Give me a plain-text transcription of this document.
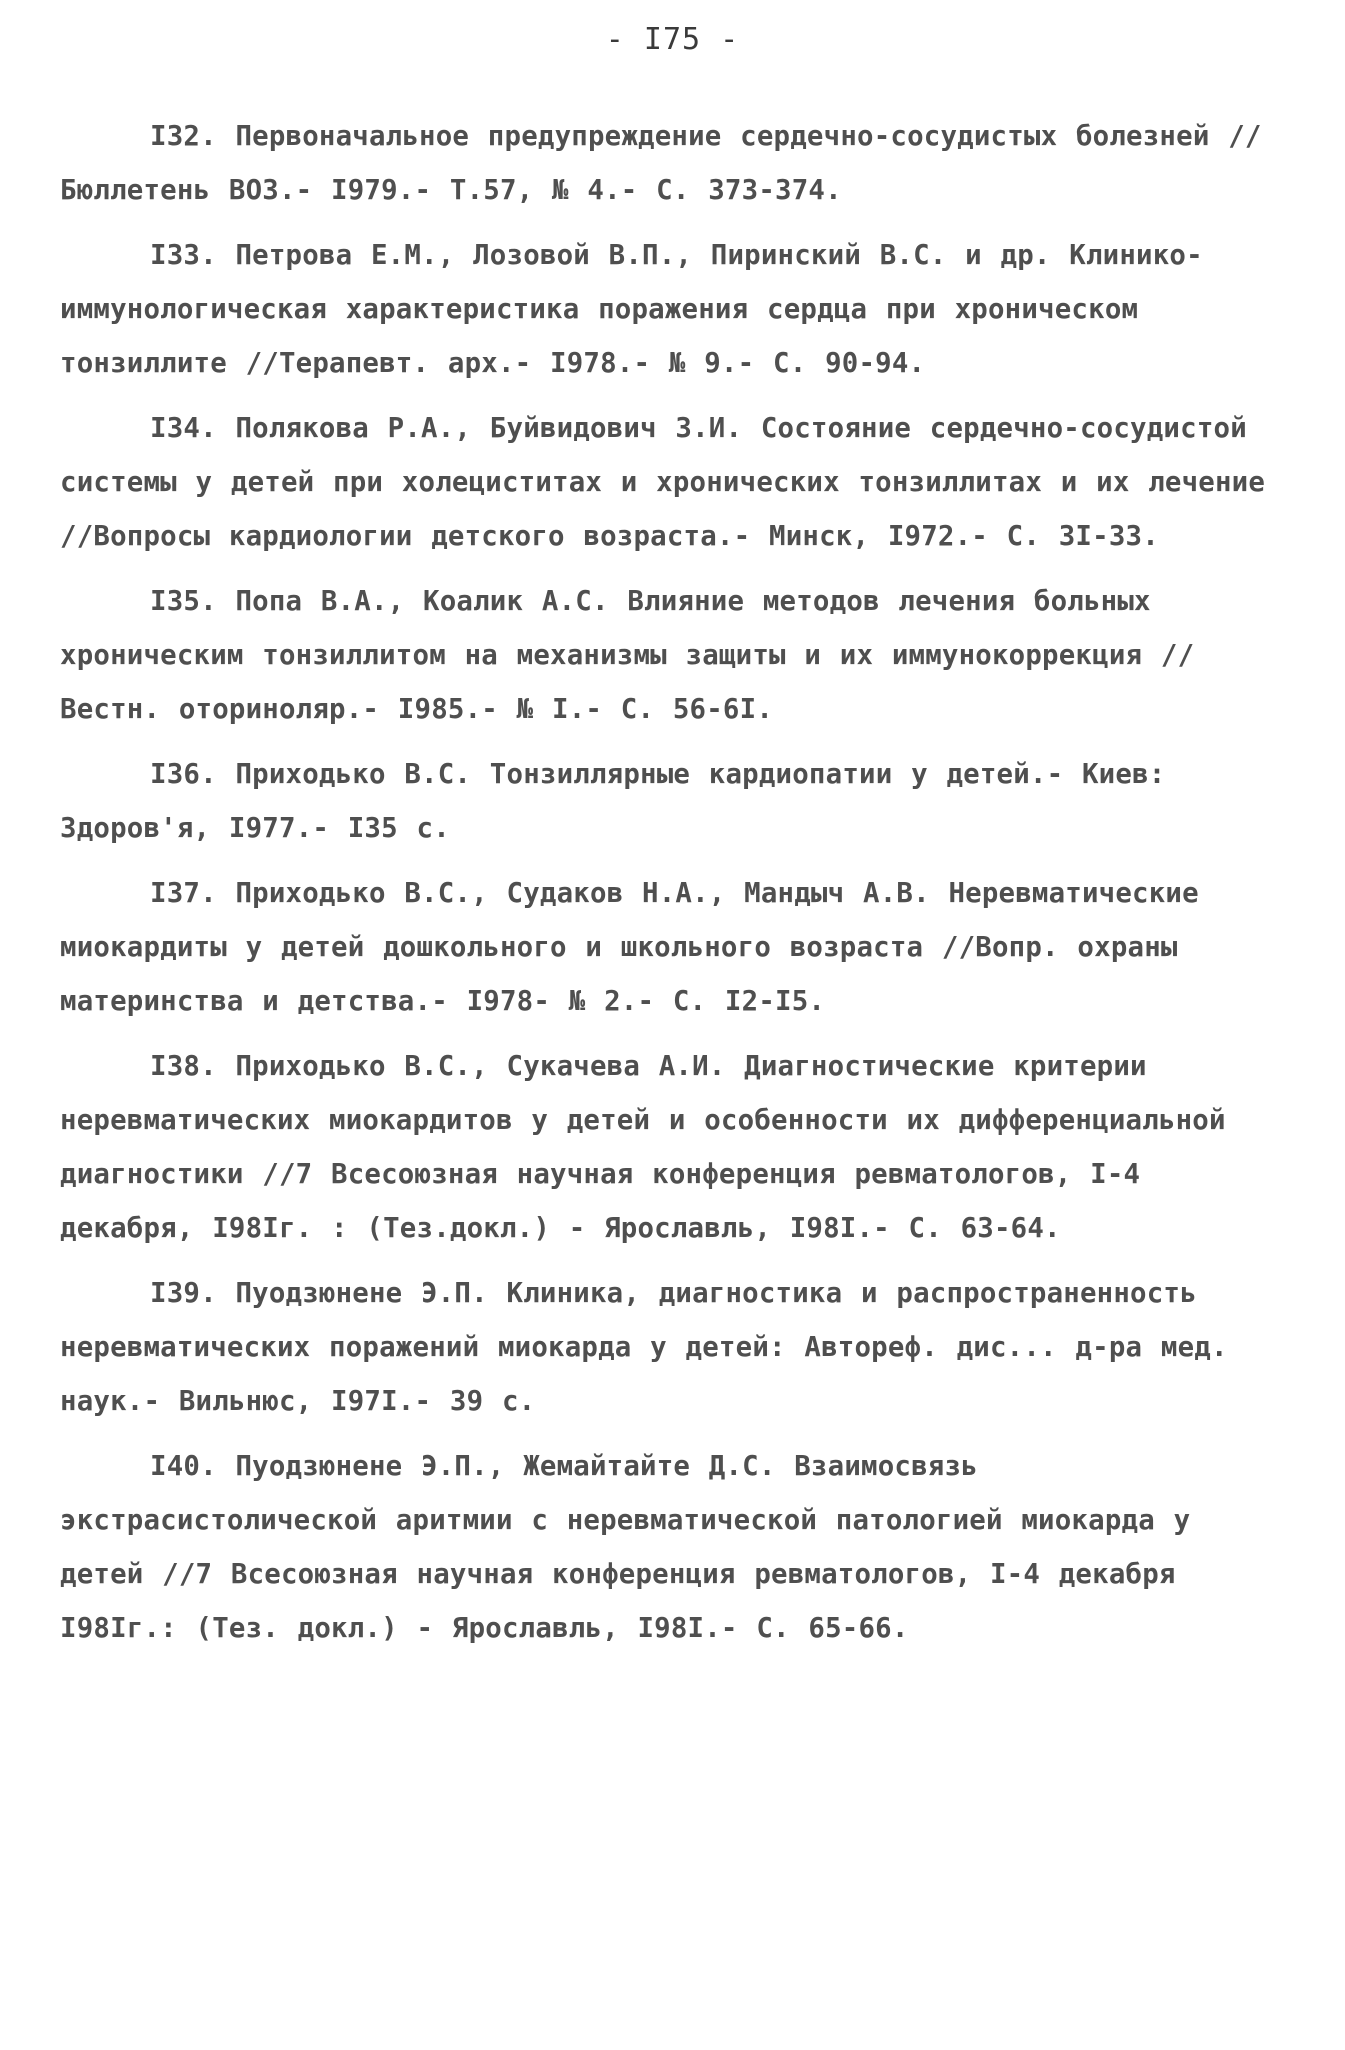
- I75 -

I32. Первоначальное предупреждение сердечно-сосудистых болезней //Бюллетень ВОЗ.- I979.- Т.57, № 4.- С. 373-374.

I33. Петрова Е.М., Лозовой В.П., Пиринский В.С. и др. Клинико-иммунологическая характеристика поражения сердца при хроническом тонзиллите //Терапевт. арх.- I978.- № 9.- С. 90-94.

I34. Полякова Р.А., Буйвидович З.И. Состояние сердечно-сосудистой системы у детей при холециститах и хронических тонзиллитах и их лечение //Вопросы кардиологии детского возраста.- Минск, I972.- С. 3I-33.

I35. Попа В.А., Коалик А.С. Влияние методов лечения больных хроническим тонзиллитом на механизмы защиты и их иммунокоррекция //Вестн. оториноляр.- I985.- № I.- С. 56-6I.

I36. Приходько В.С. Тонзиллярные кардиопатии у детей.- Киев: Здоров'я, I977.- I35 с.

I37. Приходько В.С., Судаков Н.А., Мандыч А.В. Неревматические миокардиты у детей дошкольного и школьного возраста //Вопр. охраны материнства и детства.- I978- № 2.- С. I2-I5.

I38. Приходько В.С., Сукачева А.И. Диагностические критерии неревматических миокардитов у детей и особенности их дифференциальной диагностики //7 Всесоюзная научная конференция ревматологов, I-4 декабря, I98Iг. : (Тез.докл.) - Ярославль, I98I.- С. 63-64.

I39. Пуодзюнене Э.П. Клиника, диагностика и распространенность неревматических поражений миокарда у детей: Автореф. дис... д-ра мед. наук.- Вильнюс, I97I.- 39 с.

I40. Пуодзюнене Э.П., Жемайтайте Д.С. Взаимосвязь экстрасистолической аритмии с неревматической патологией миокарда у детей //7 Всесоюзная научная конференция ревматологов, I-4 декабря I98Iг.: (Тез. докл.) - Ярославль, I98I.- С. 65-66.
